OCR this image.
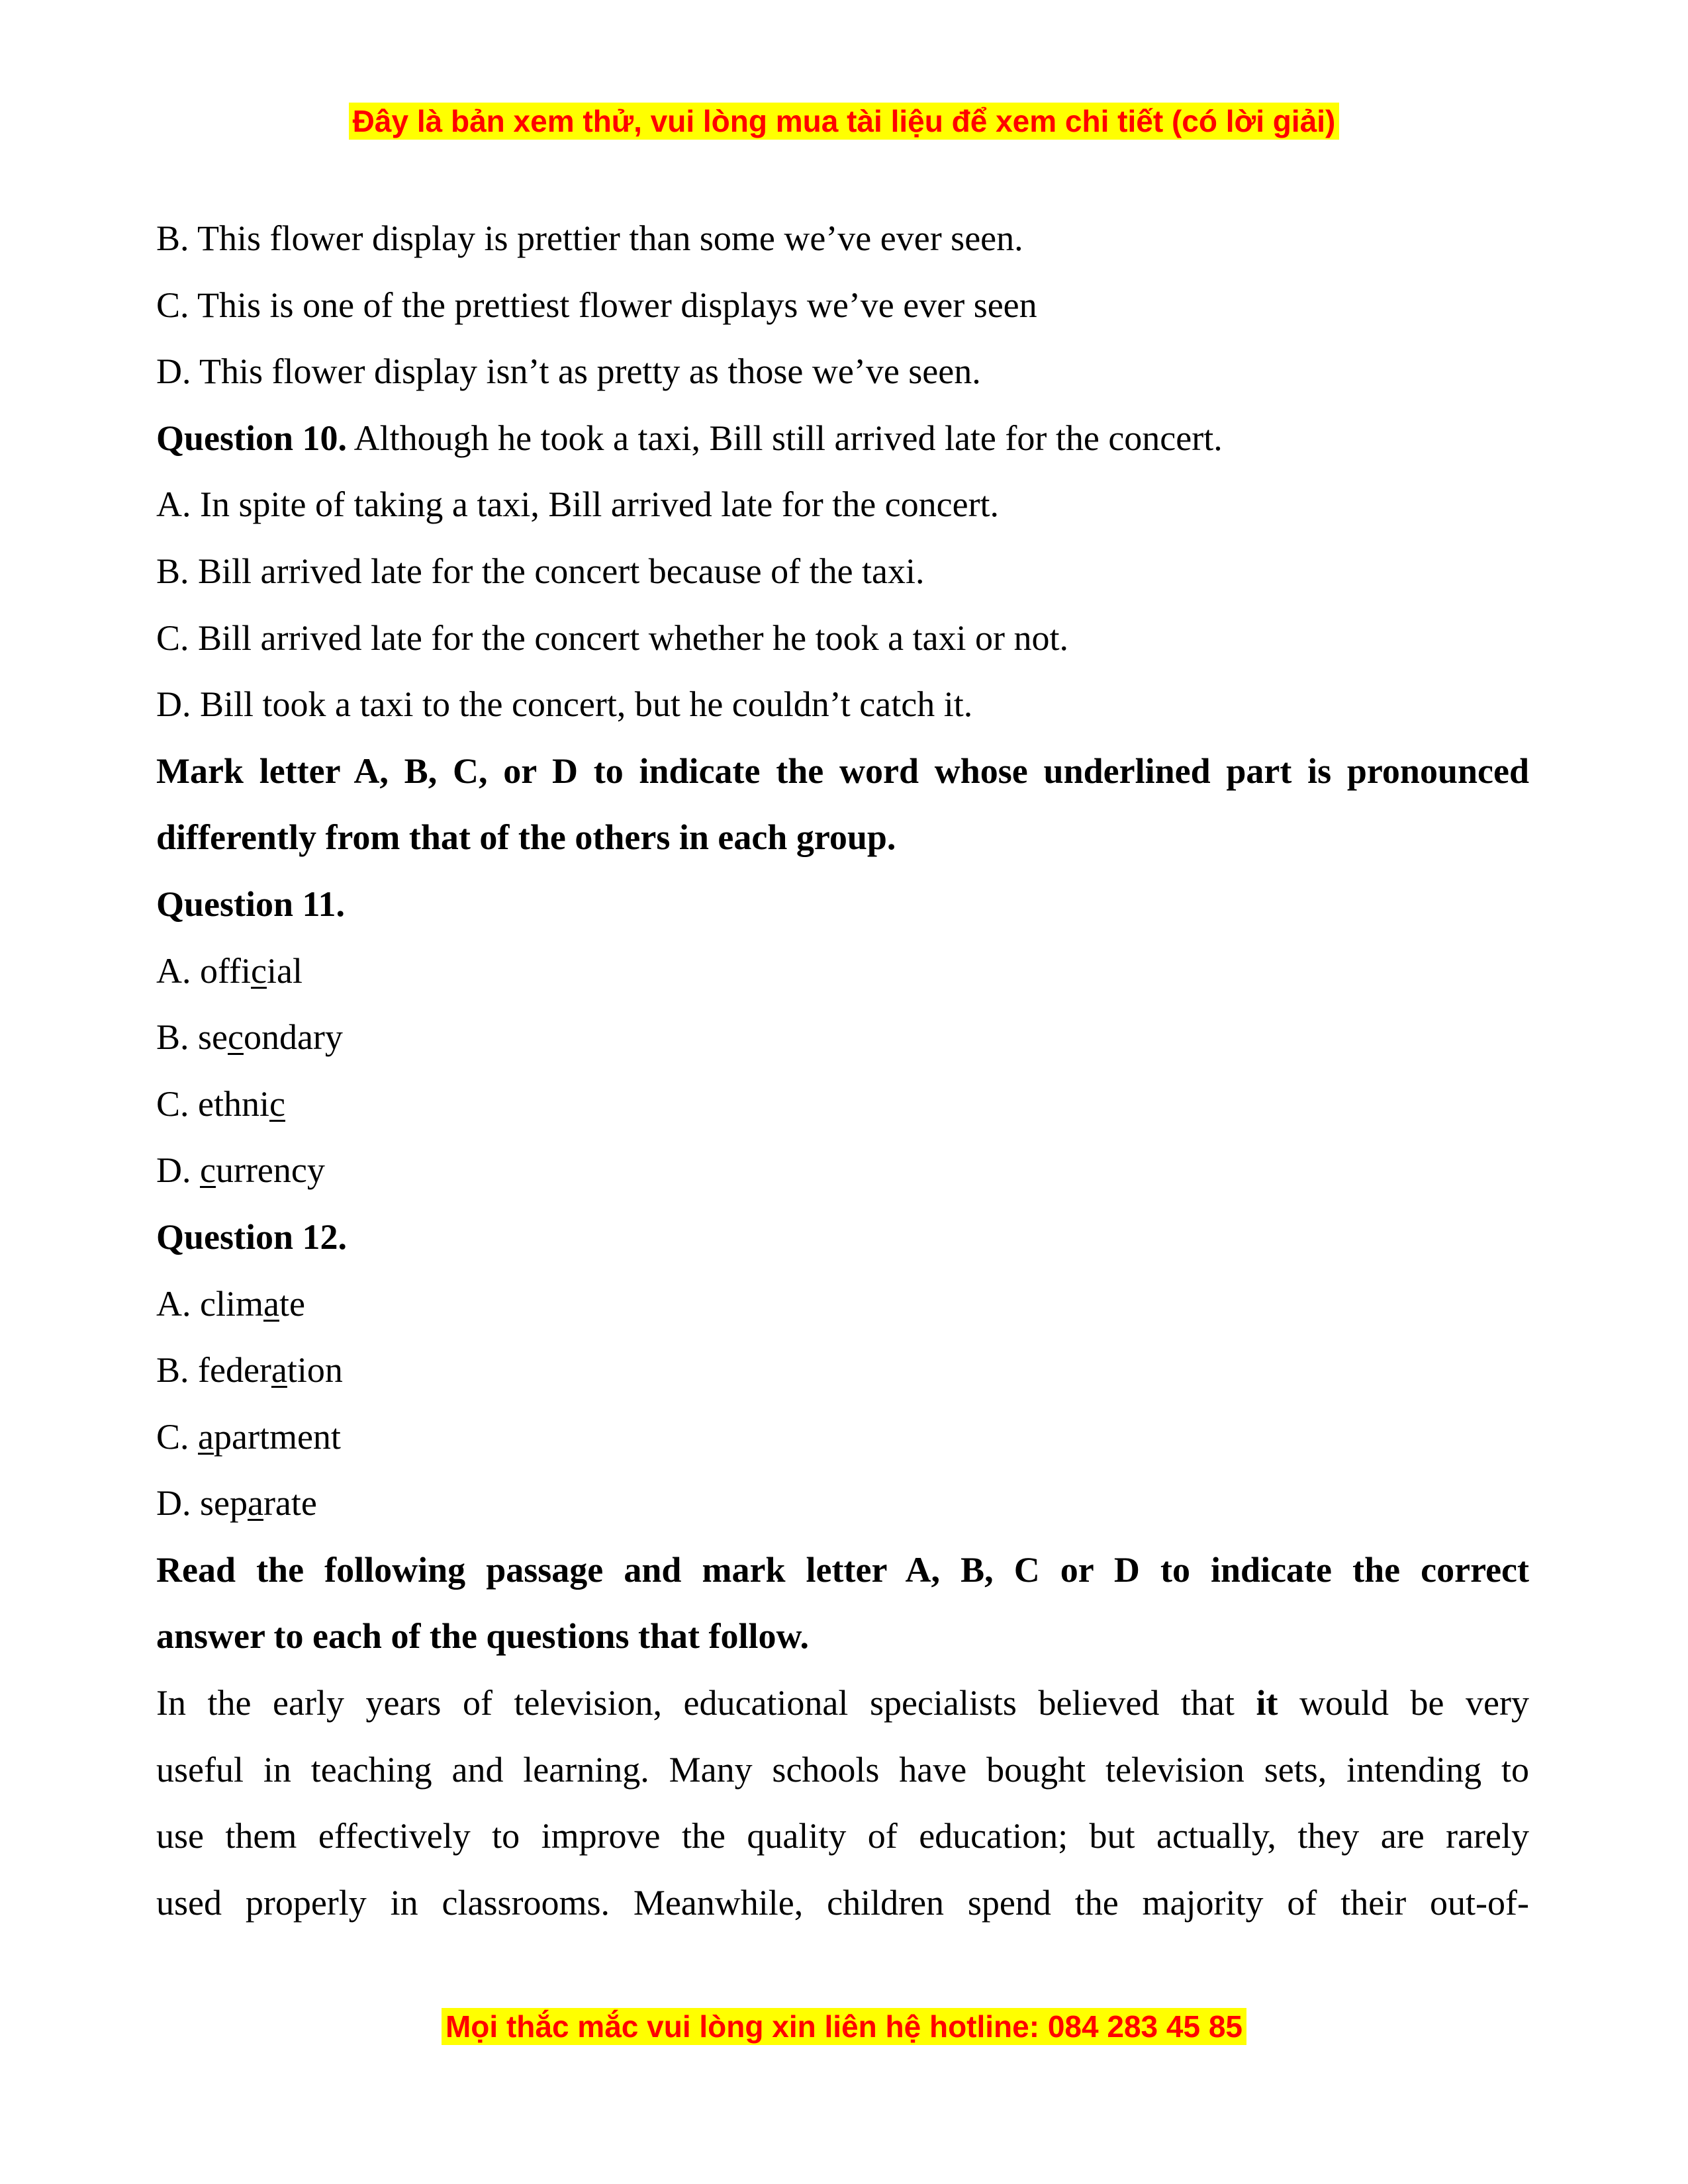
Đây là bản xem thử, vui lòng mua tài liệu để xem chi tiết (có lời giải)
B. This flower display is prettier than some we’ve ever seen.
C. This is one of the prettiest flower displays we’ve ever seen
D. This flower display isn’t as pretty as those we’ve seen.
Question 10. Although he took a taxi, Bill still arrived late for the concert.
A. In spite of taking a taxi, Bill arrived late for the concert.
B. Bill arrived late for the concert because of the taxi.
C. Bill arrived late for the concert whether he took a taxi or not.
D. Bill took a taxi to the concert, but he couldn’t catch it.
Mark letter A, B, C, or D to indicate the word whose underlined part is pronounced
differently from that of the others in each group.
Question 11.
A. official
B. secondary
C. ethnic
D. currency
Question 12.
A. climate
B. federation
C. apartment
D. separate
Read the following passage and mark letter A, B, C or D to indicate the correct
answer to each of the questions that follow.
In the early years of television, educational specialists believed that it would be very
useful in teaching and learning. Many schools have bought television sets, intending to
use them effectively to improve the quality of education; but actually, they are rarely
used properly in classrooms. Meanwhile, children spend the majority of their out-of-
Mọi thắc mắc vui lòng xin liên hệ hotline: 084 283 45 85
